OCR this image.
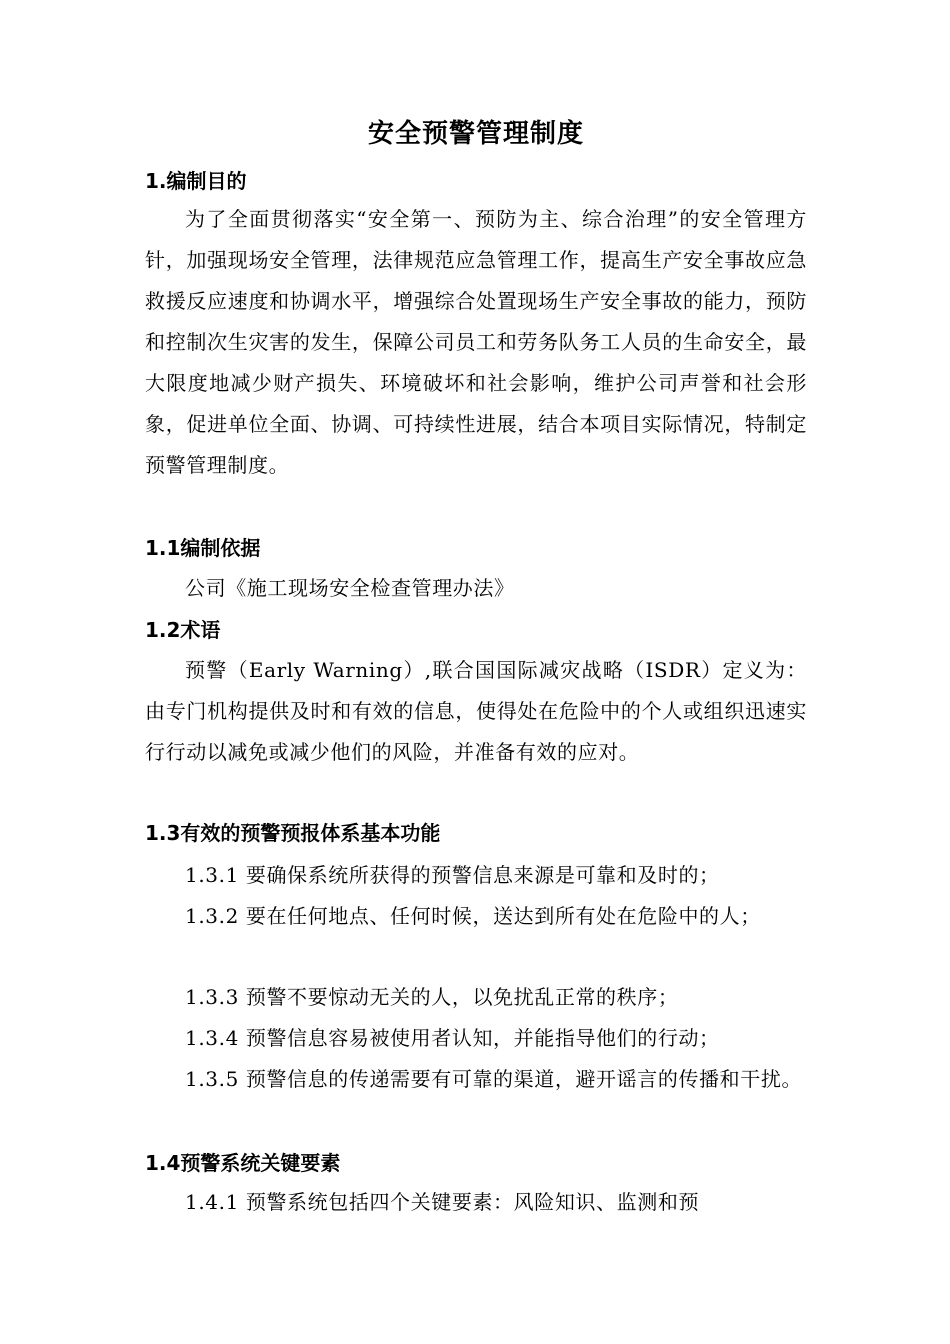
安全预警管理制度
1.编制目的
为了全面贯彻落实“安全第一、预防为主、综合治理”的安全管理方针，加强现场安全管理，法律规范应急管理工作，提高生产安全事故应急救援反应速度和协调水平，增强综合处置现场生产安全事故的能力，预防和控制次生灾害的发生，保障公司员工和劳务队务工人员的生命安全，最大限度地减少财产损失、环境破坏和社会影响，维护公司声誉和社会形象，促进单位全面、协调、可持续性进展，结合本项目实际情况，特制定预警管理制度。
1.1编制依据
公司《施工现场安全检查管理办法》
1.2术语
预警（Early Warning）,联合国国际减灾战略（ISDR）定义为：由专门机构提供及时和有效的信息，使得处在危险中的个人或组织迅速实行行动以减免或减少他们的风险，并准备有效的应对。
1.3有效的预警预报体系基本功能
1.3.1 要确保系统所获得的预警信息来源是可靠和及时的；
1.3.2 要在任何地点、任何时候，送达到所有处在危险中的人；
1.3.3 预警不要惊动无关的人，以免扰乱正常的秩序；
1.3.4 预警信息容易被使用者认知，并能指导他们的行动；
1.3.5 预警信息的传递需要有可靠的渠道，避开谣言的传播和干扰。
1.4预警系统关键要素
1.4.1 预警系统包括四个关键要素：风险知识、监测和预
